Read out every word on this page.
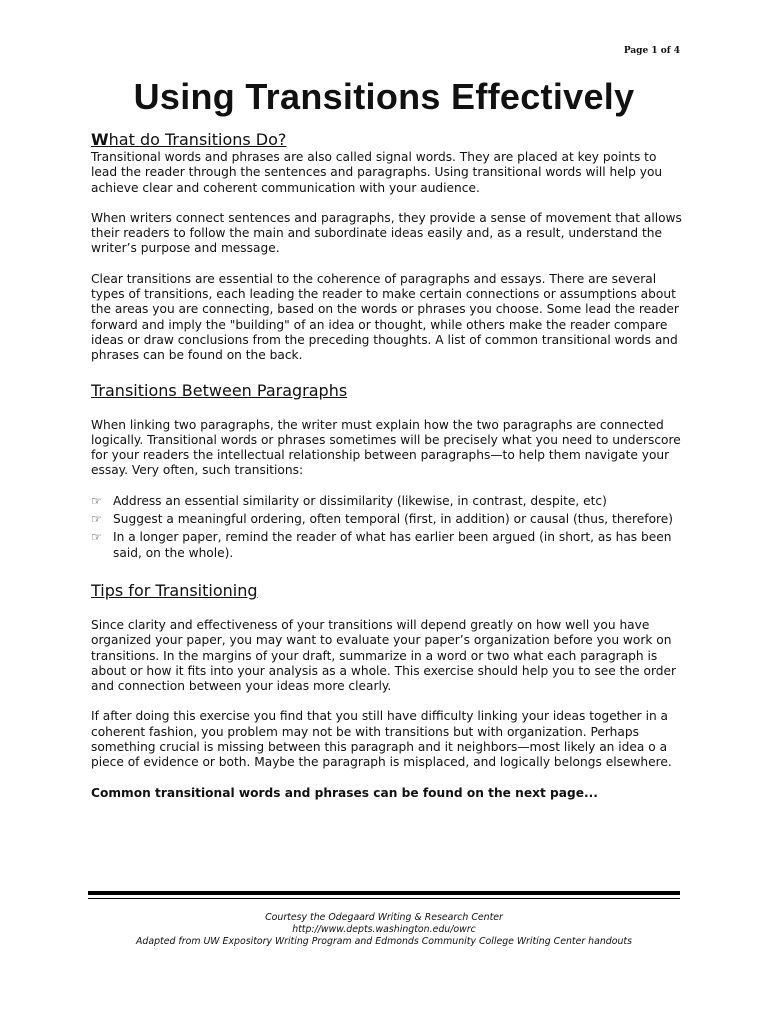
Page 1 of 4
Using Transitions Effectively
What do Transitions Do?

Transitional words and phrases are also called signal words. They are placed at key points to lead the reader through the sentences and paragraphs. Using transitional words will help you achieve clear and coherent communication with your audience.

When writers connect sentences and paragraphs, they provide a sense of movement that allows their readers to follow the main and subordinate ideas easily and, as a result, understand the writer’s purpose and message.

Clear transitions are essential to the coherence of paragraphs and essays. There are several types of transitions, each leading the reader to make certain connections or assumptions about the areas you are connecting, based on the words or phrases you choose. Some lead the reader forward and imply the "building" of an idea or thought, while others make the reader compare ideas or draw conclusions from the preceding thoughts. A list of common transitional words and phrases can be found on the back.

Transitions Between Paragraphs

When linking two paragraphs, the writer must explain how the two paragraphs are connected logically. Transitional words or phrases sometimes will be precisely what you need to underscore for your readers the intellectual relationship between paragraphs—to help them navigate your essay. Very often, such transitions:

☞ Address an essential similarity or dissimilarity (likewise, in contrast, despite, etc)
☞ Suggest a meaningful ordering, often temporal (first, in addition) or causal (thus, therefore)
☞ In a longer paper, remind the reader of what has earlier been argued (in short, as has been said, on the whole).
Tips for Transitioning

Since clarity and effectiveness of your transitions will depend greatly on how well you have organized your paper, you may want to evaluate your paper’s organization before you work on transitions. In the margins of your draft, summarize in a word or two what each paragraph is about or how it fits into your analysis as a whole. This exercise should help you to see the order and connection between your ideas more clearly.

If after doing this exercise you find that you still have difficulty linking your ideas together in a coherent fashion, you problem may not be with transitions but with organization. Perhaps something crucial is missing between this paragraph and it neighbors—most likely an idea o a piece of evidence or both. Maybe the paragraph is misplaced, and logically belongs elsewhere.

Common transitional words and phrases can be found on the next page...
Courtesy the Odegaard Writing & Research Center
http://www.depts.washington.edu/owrc
Adapted from UW Expository Writing Program and Edmonds Community College Writing Center handouts
